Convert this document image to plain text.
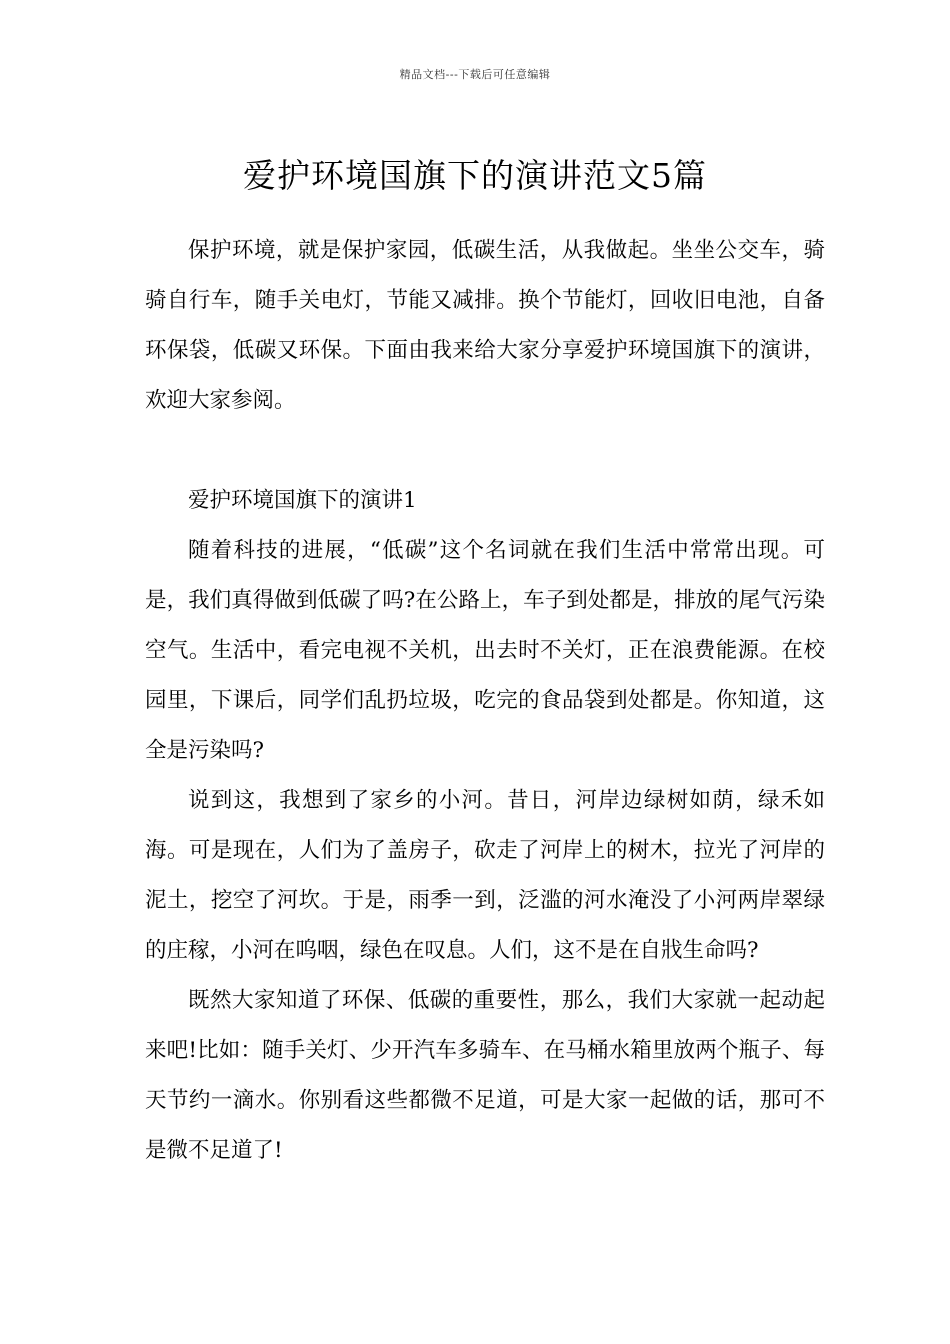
精品文档---下载后可任意编辑
爱护环境国旗下的演讲范文5篇

保护环境，就是保护家园，低碳生活，从我做起。坐坐公交车，骑骑自行车，随手关电灯，节能又减排。换个节能灯，回收旧电池，自备环保袋，低碳又环保。下面由我来给大家分享爱护环境国旗下的演讲，欢迎大家参阅。

爱护环境国旗下的演讲1

随着科技的进展，“低碳”这个名词就在我们生活中常常出现。可是，我们真得做到低碳了吗?在公路上，车子到处都是，排放的尾气污染空气。生活中，看完电视不关机，出去时不关灯，正在浪费能源。在校园里，下课后，同学们乱扔垃圾，吃完的食品袋到处都是。你知道，这全是污染吗?

说到这，我想到了家乡的小河。昔日，河岸边绿树如荫，绿禾如海。可是现在，人们为了盖房子，砍走了河岸上的树木，拉光了河岸的泥土，挖空了河坎。于是，雨季一到，泛滥的河水淹没了小河两岸翠绿的庄稼，小河在呜咽，绿色在叹息。人们，这不是在自戕生命吗?

既然大家知道了环保、低碳的重要性，那么，我们大家就一起动起来吧!比如：随手关灯、少开汽车多骑车、在马桶水箱里放两个瓶子、每天节约一滴水。你别看这些都微不足道，可是大家一起做的话，那可不是微不足道了!
